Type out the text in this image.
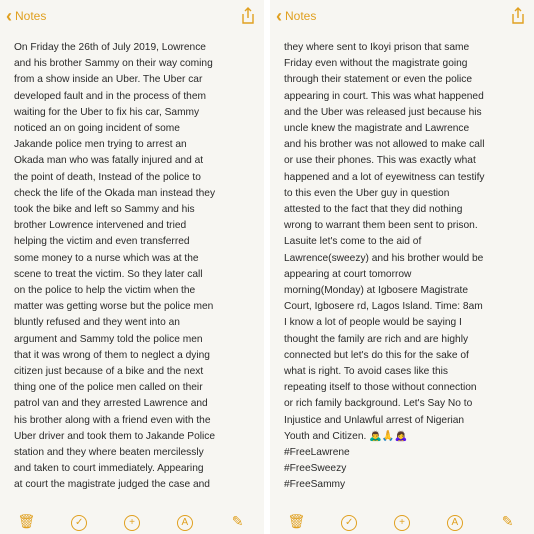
‹ Notes
On Friday the 26th of July 2019, Lowrence
and his brother Sammy on their way coming
from a show inside an Uber. The Uber car
developed fault and in the process of them
waiting for the Uber to fix his car, Sammy
noticed an on going incident of some
Jakande police men trying to arrest an
Okada man who was fatally injured and at
the point of death, Instead of the police to
check the life of the Okada man instead they
took the bike and left so Sammy and his
brother Lowrence intervened and tried
helping the victim and even transferred
some money to a nurse which was at the
scene to treat the victim. So they later call
on the police to help the victim when the
matter was getting worse but the police men
bluntly refused and they went into an
argument and Sammy told the police men
that it was wrong of them to neglect a dying
citizen just because of a bike and the next
thing one of the police men called on their
patrol van and they arrested Lawrence and
his brother along with a friend even with the
Uber driver and took them to Jakande Police
station and they where beaten mercilessly
and taken to court immediately. Appearing
at court the magistrate judged the case and
🗑	✓	+	A	✎
‹ Notes
they where sent to Ikoyi prison that same
Friday even without the magistrate going
through their statement or even the police
appearing in court. This was what happened
and the Uber was released just because his
uncle knew the magistrate and Lawrence
and his brother was not allowed to make call
or use their phones. This was exactly what
happened and a lot of eyewitness can testify
to this even the Uber guy in question
attested to the fact that they did nothing
wrong to warrant them been sent to prison.
Lasuite let's come to the aid of
Lawrence(sweezy) and his brother would be
appearing at court tomorrow
morning(Monday) at Igbosere Magistrate
Court, Igbosere rd, Lagos Island. Time: 8am
I know a lot of people would be saying I
thought the family are rich and are highly
connected but let's do this for the sake of
what is right. To avoid cases like this
repeating itself to those without connection
or rich family background. Let's Say No to
Injustice and Unlawful arrest of Nigerian
Youth and Citizen. 🙇‍♂️🙏🙇‍♀️
#FreeLawrene
#FreeSweezy
#FreeSammy
🗑	✓	+	A	✎
